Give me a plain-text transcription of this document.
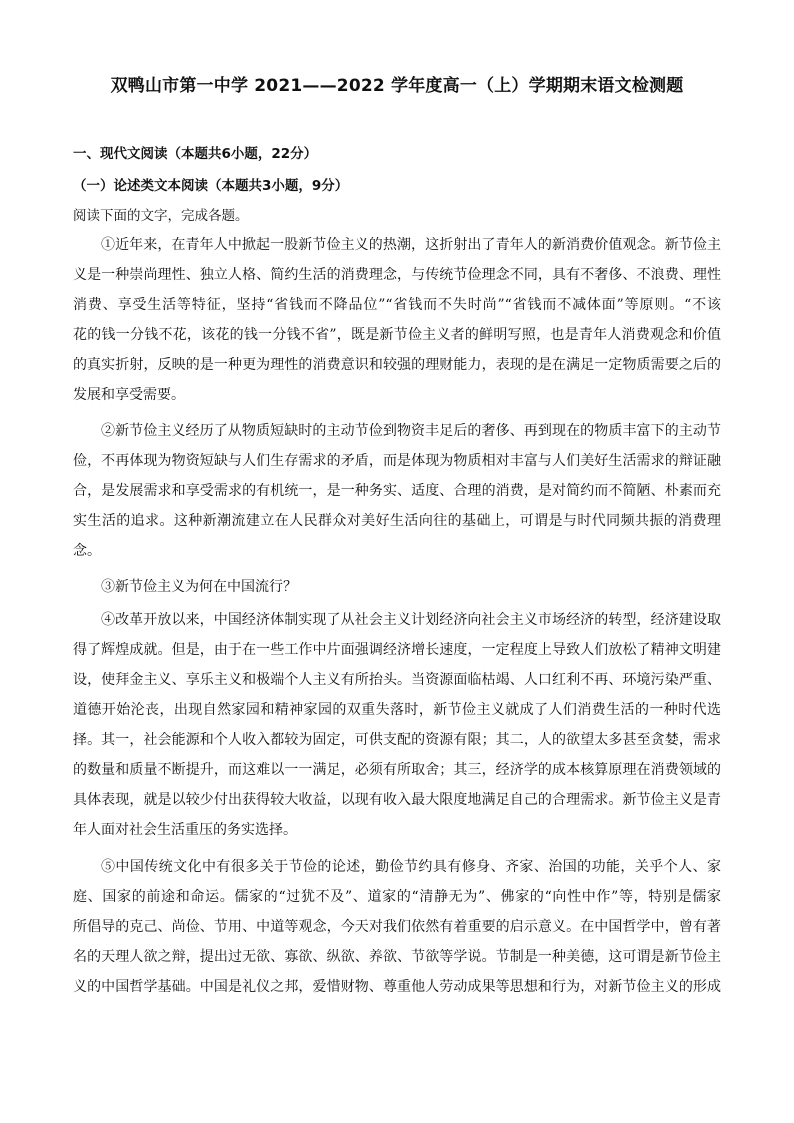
双鸭山市第一中学 2021——2022 学年度高一（上）学期期末语文检测题
一、现代文阅读（本题共6小题，22分）
（一）论述类文本阅读（本题共3小题，9分）
阅读下面的文字，完成各题。
①近年来，在青年人中掀起一股新节俭主义的热潮，这折射出了青年人的新消费价值观念。新节俭主
义是一种崇尚理性、独立人格、简约生活的消费理念，与传统节俭理念不同，具有不奢侈、不浪费、理性
消费、享受生活等特征，坚持“省钱而不降品位”“省钱而不失时尚”“省钱而不减体面”等原则。“不该
花的钱一分钱不花，该花的钱一分钱不省”，既是新节俭主义者的鲜明写照，也是青年人消费观念和价值
的真实折射，反映的是一种更为理性的消费意识和较强的理财能力，表现的是在满足一定物质需要之后的
发展和享受需要。
②新节俭主义经历了从物质短缺时的主动节俭到物资丰足后的奢侈、再到现在的物质丰富下的主动节
俭，不再体现为物资短缺与人们生存需求的矛盾，而是体现为物质相对丰富与人们美好生活需求的辩证融
合，是发展需求和享受需求的有机统一，是一种务实、适度、合理的消费，是对简约而不简陋、朴素而充
实生活的追求。这种新潮流建立在人民群众对美好生活向往的基础上，可谓是与时代同频共振的消费理
念。
③新节俭主义为何在中国流行？
④改革开放以来，中国经济体制实现了从社会主义计划经济向社会主义市场经济的转型，经济建设取
得了辉煌成就。但是，由于在一些工作中片面强调经济增长速度，一定程度上导致人们放松了精神文明建
设，使拜金主义、享乐主义和极端个人主义有所抬头。当资源面临枯竭、人口红利不再、环境污染严重、
道德开始沦丧，出现自然家园和精神家园的双重失落时，新节俭主义就成了人们消费生活的一种时代选
择。其一，社会能源和个人收入都较为固定，可供支配的资源有限；其二，人的欲望太多甚至贪婪，需求
的数量和质量不断提升，而这难以一一满足，必须有所取舍；其三，经济学的成本核算原理在消费领域的
具体表现，就是以较少付出获得较大收益，以现有收入最大限度地满足自己的合理需求。新节俭主义是青
年人面对社会生活重压的务实选择。
⑤中国传统文化中有很多关于节俭的论述，勤俭节约具有修身、齐家、治国的功能，关乎个人、家
庭、国家的前途和命运。儒家的“过犹不及”、道家的“清静无为”、佛家的“向性中作”等，特别是儒家
所倡导的克己、尚俭、节用、中道等观念，今天对我们依然有着重要的启示意义。在中国哲学中，曾有著
名的天理人欲之辩，提出过无欲、寡欲、纵欲、养欲、节欲等学说。节制是一种美德，这可谓是新节俭主
义的中国哲学基础。中国是礼仪之邦，爱惜财物、尊重他人劳动成果等思想和行为，对新节俭主义的形成
